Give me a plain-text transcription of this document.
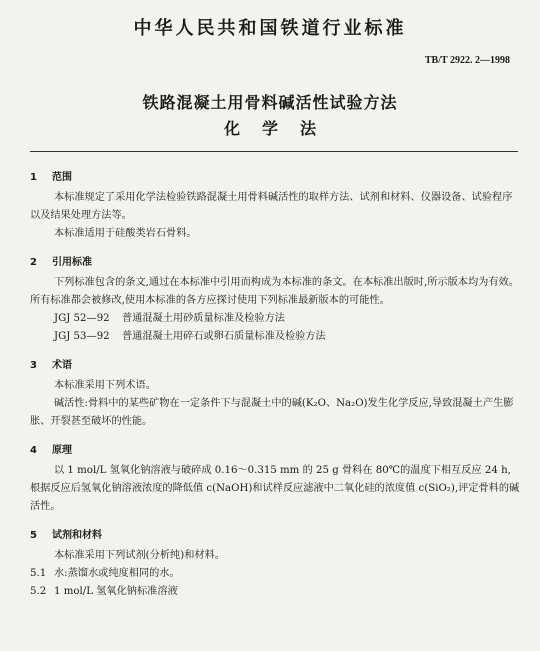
中华人民共和国铁道行业标准
TB/T 2922. 2—1998
铁路混凝土用骨料碱活性试验方法
化学法
1 范围

本标准规定了采用化学法检验铁路混凝土用骨料碱活性的取样方法、试剂和材料、仪器设备、试验程序以及结果处理方法等。

本标准适用于硅酸类岩石骨料。

2 引用标准

下列标准包含的条文,通过在本标准中引用而构成为本标准的条文。在本标准出版时,所示版本均为有效。所有标准都会被修改,使用本标准的各方应探讨使用下列标准最新版本的可能性。

JGJ 52—92 普通混凝土用砂质量标准及检验方法

JGJ 53—92 普通混凝土用碎石或卵石质量标准及检验方法

3 术语

本标准采用下列术语。

碱活性:骨料中的某些矿物在一定条件下与混凝土中的碱(K₂O、Na₂O)发生化学反应,导致混凝土产生膨胀、开裂甚至破坏的性能。

4 原理

以 1 mol/L 氢氧化钠溶液与破碎成 0.16～0.315 mm 的 25 g 骨料在 80℃的温度下相互反应 24 h,根据反应后氢氧化钠溶液浓度的降低值 c(NaOH)和试样反应滤液中二氧化硅的浓度值 c(SiO₂),评定骨料的碱活性。

5 试剂和材料

本标准采用下列试剂(分析纯)和材料。

5.1 水:蒸馏水或纯度相同的水。

5.2 1 mol/L 氢氧化钠标准溶液
